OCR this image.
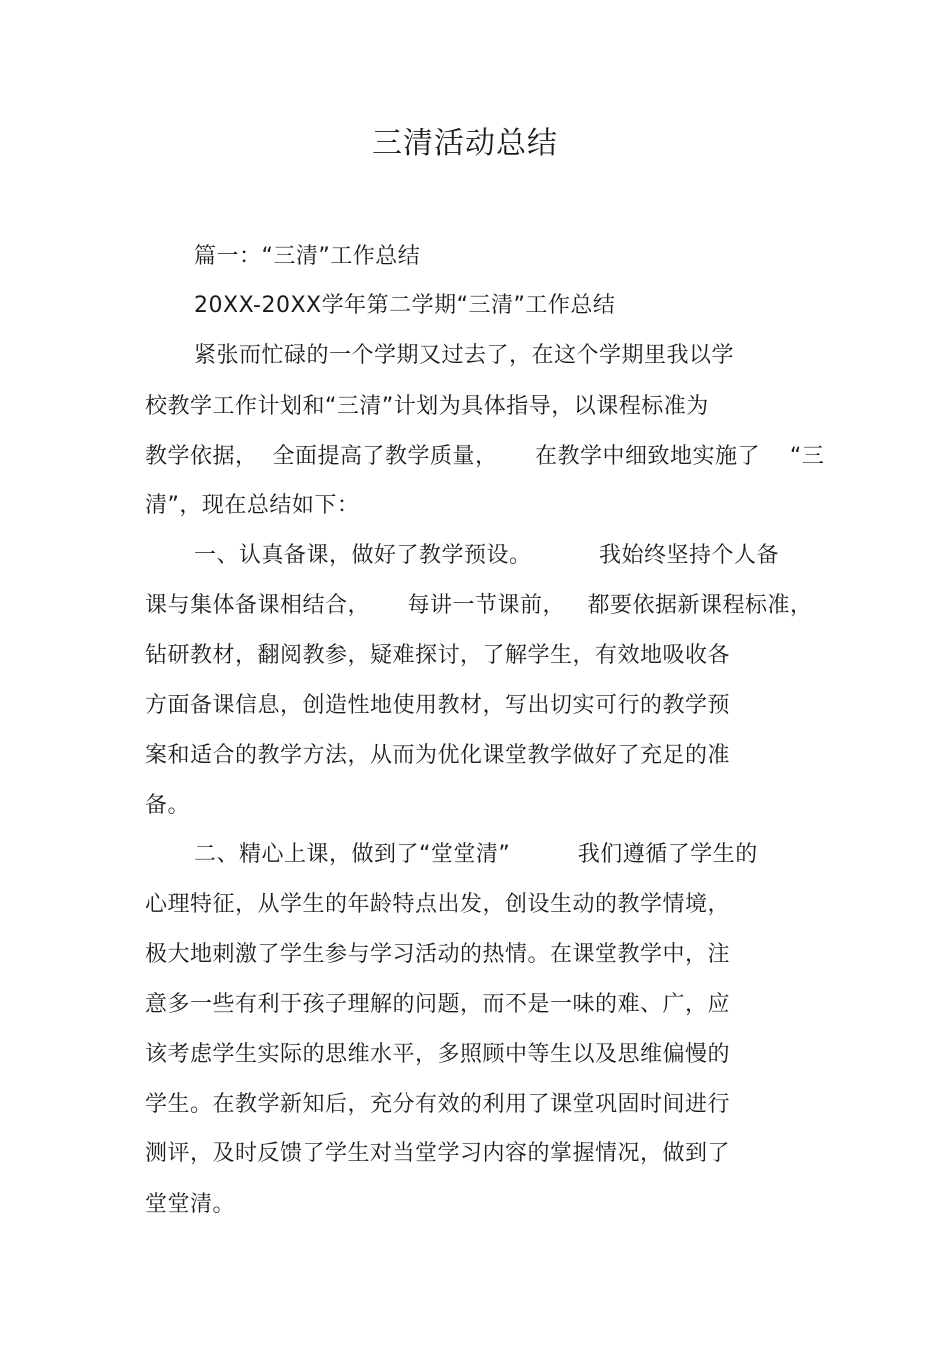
三清活动总结
篇一：“三清”工作总结
20XX-20XX学年第二学期“三清”工作总结
紧张而忙碌的一个学期又过去了，在这个学期里我以学
校教学工作计划和“三清”计划为具体指导，以课程标准为
教学依据，  全面提高了教学质量，     在教学中细致地实施了    “三
清”，现在总结如下：
一、认真备课，做好了教学预设。         我始终坚持个人备
课与集体备课相结合，     每讲一节课前，   都要依据新课程标准，
钻研教材，翻阅教参，疑难探讨，了解学生，有效地吸收各
方面备课信息，创造性地使用教材，写出切实可行的教学预
案和适合的教学方法，从而为优化课堂教学做好了充足的准
备。
二、精心上课，做到了“堂堂清”         我们遵循了学生的
心理特征，从学生的年龄特点出发，创设生动的教学情境，
极大地刺激了学生参与学习活动的热情。在课堂教学中，注
意多一些有利于孩子理解的问题，而不是一味的难、广，应
该考虑学生实际的思维水平，多照顾中等生以及思维偏慢的
学生。在教学新知后，充分有效的利用了课堂巩固时间进行
测评，及时反馈了学生对当堂学习内容的掌握情况，做到了
堂堂清。
